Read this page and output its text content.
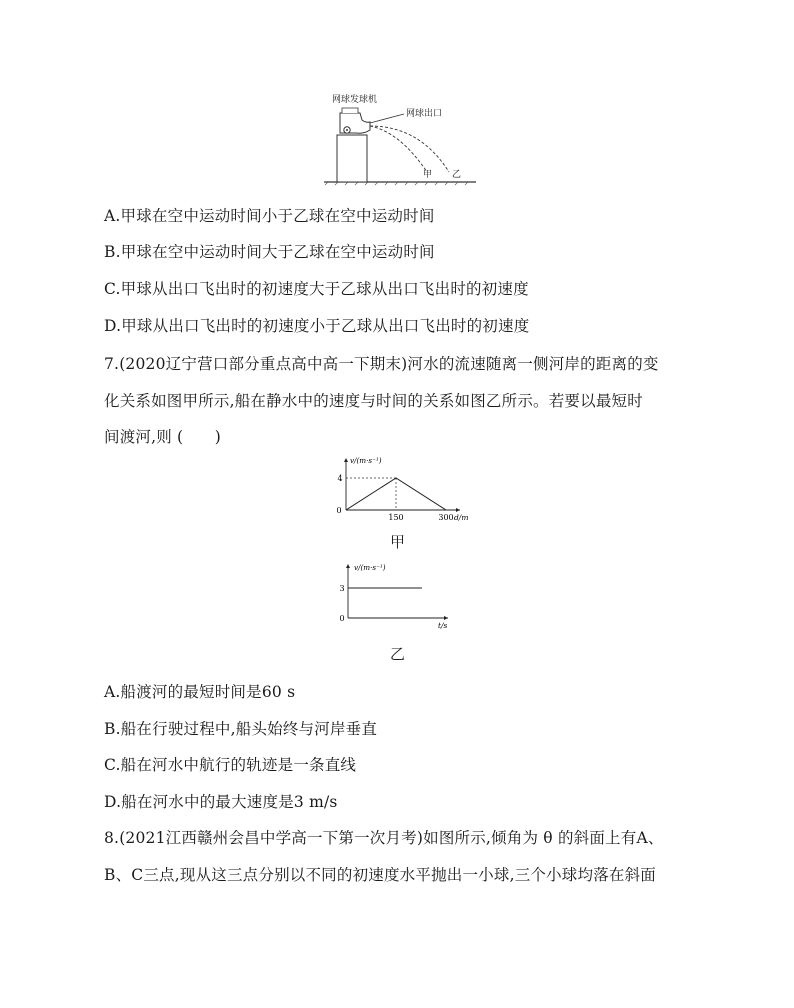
网球发球机
网球出口
甲 乙
A.甲球在空中运动时间小于乙球在空中运动时间
B.甲球在空中运动时间大于乙球在空中运动时间
C.甲球从出口飞出时的初速度大于乙球从出口飞出时的初速度
D.甲球从出口飞出时的初速度小于乙球从出口飞出时的初速度
7.(2020辽宁营口部分重点高中高一下期末)河水的流速随离一侧河岸的距离的变
化关系如图甲所示,船在静水中的速度与时间的关系如图乙所示。若要以最短时
间渡河,则 (　　)
0
150	300
4
v/(m·s⁻¹)
d/m
甲
0
3
v/(m·s⁻¹)
t/s
乙
A.船渡河的最短时间是60 s
B.船在行驶过程中,船头始终与河岸垂直
C.船在河水中航行的轨迹是一条直线
D.船在河水中的最大速度是3 m/s
8.(2021江西赣州会昌中学高一下第一次月考)如图所示,倾角为 θ 的斜面上有A、
B、C三点,现从这三点分别以不同的初速度水平抛出一小球,三个小球均落在斜面
